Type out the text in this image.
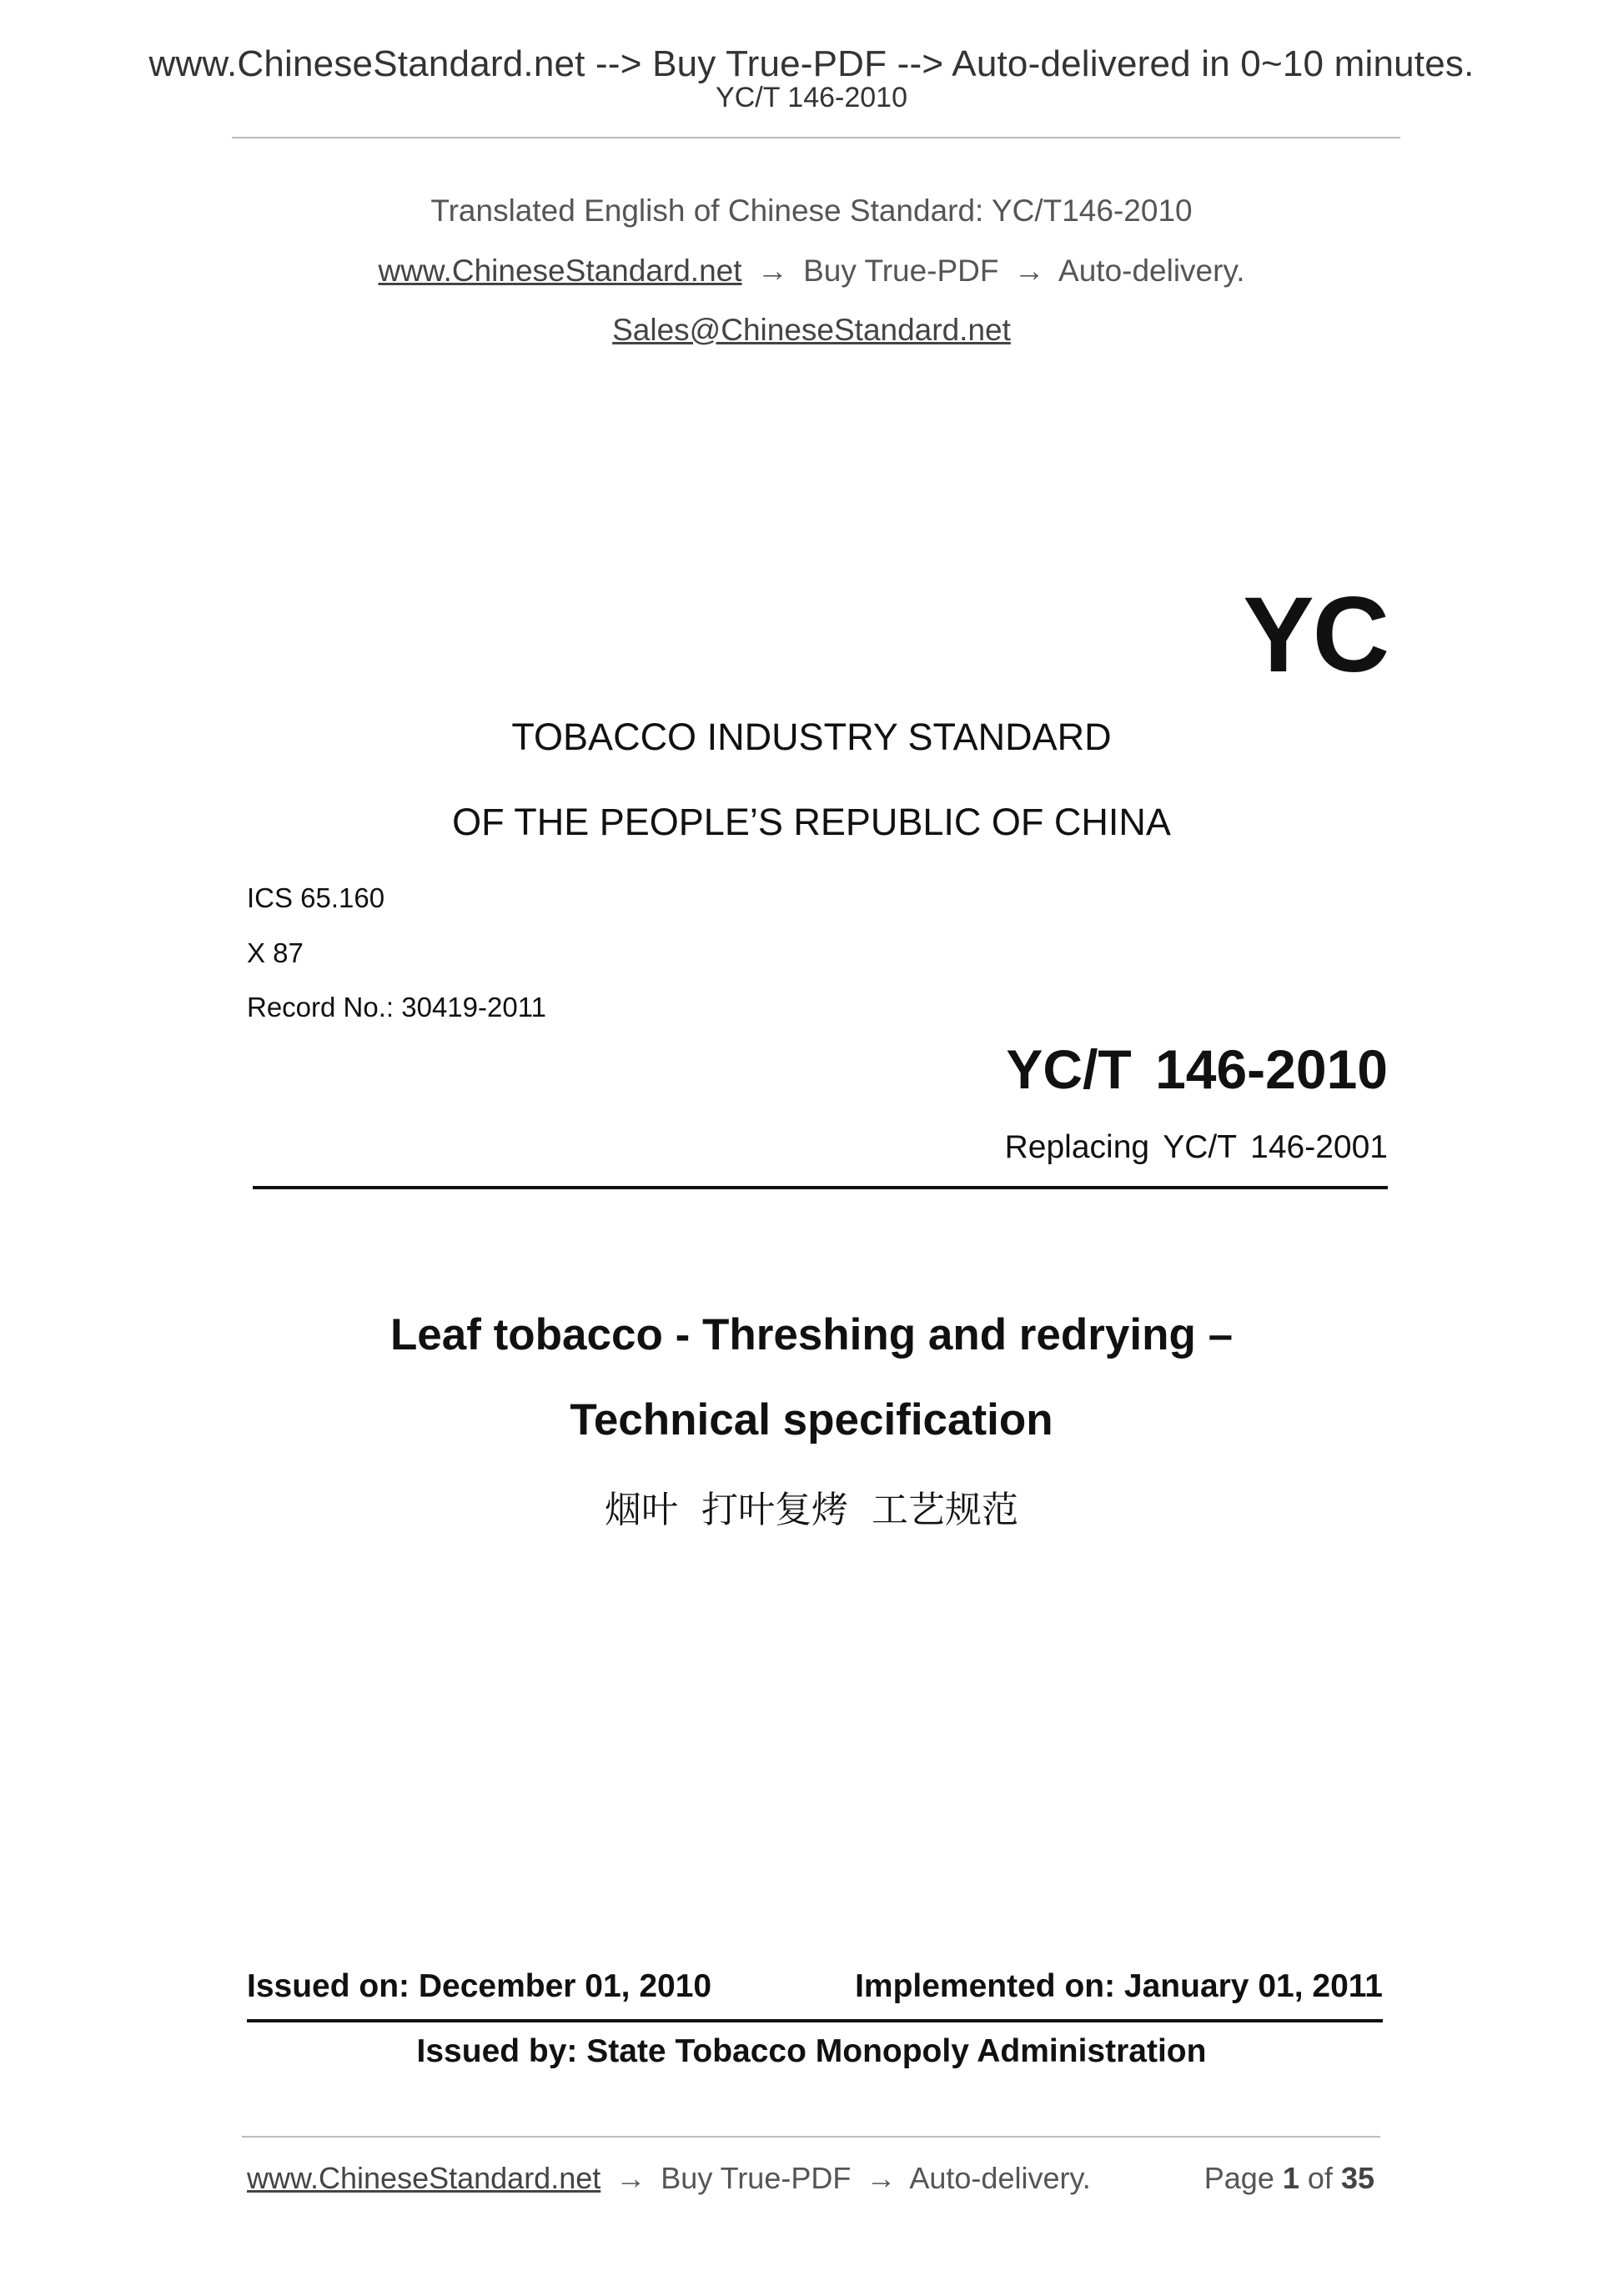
www.ChineseStandard.net --> Buy True-PDF --> Auto-delivered in 0~10 minutes.
YC/T 146-2010
Translated English of Chinese Standard: YC/T146-2010
www.ChineseStandard.net → Buy True-PDF → Auto-delivery.
Sales@ChineseStandard.net
YC
TOBACCO INDUSTRY STANDARD
OF THE PEOPLE’S REPUBLIC OF CHINA
ICS 65.160
X 87
Record No.: 30419-2011
YC/T 146-2010
Replacing YC/T 146-2001
Leaf tobacco - Threshing and redrying –
Technical specification
烟叶 打叶复烤 工艺规范
Issued on: December 01, 2010	Implemented on: January 01, 2011
Issued by: State Tobacco Monopoly Administration
www.ChineseStandard.net → Buy True-PDF → Auto-delivery.	Page 1 of 35
